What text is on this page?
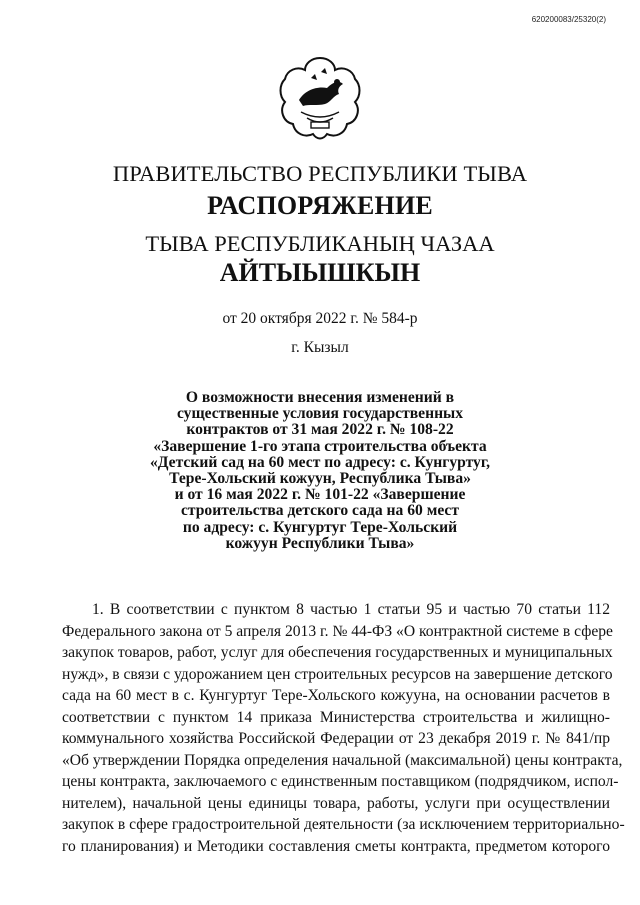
620200083/25320(2)
ПРАВИТЕЛЬСТВО РЕСПУБЛИКИ ТЫВА
РАСПОРЯЖЕНИЕ
ТЫВА РЕСПУБЛИКАНЫҢ ЧАЗАА
АЙТЫЫШКЫН
от 20 октября 2022 г. № 584-р
г. Кызыл
О возможности внесения изменений в
существенные условия государственных
контрактов от 31 мая 2022 г. № 108-22
«Завершение 1-го этапа строительства объекта
«Детский сад на 60 мест по адресу: с. Кунгуртуг,
Тере-Хольский кожуун, Республика Тыва»
и от 16 мая 2022 г. № 101-22 «Завершение
строительства детского сада на 60 мест
по адресу: с. Кунгуртуг Тере-Хольский
кожуун Республики Тыва»
1. В соответствии с пунктом 8 частью 1 статьи 95 и частью 70 статьи 112
Федерального закона от 5 апреля 2013 г. № 44-ФЗ «О контрактной системе в сфере
закупок товаров, работ, услуг для обеспечения государственных и муниципальных
нужд», в связи с удорожанием цен строительных ресурсов на завершение детского
сада на 60 мест в с. Кунгуртуг Тере-Хольского кожууна, на основании расчетов в
соответствии с пунктом 14 приказа Министерства строительства и жилищно-
коммунального хозяйства Российской Федерации от 23 декабря 2019 г. № 841/пр
«Об утверждении Порядка определения начальной (максимальной) цены контракта,
цены контракта, заключаемого с единственным поставщиком (подрядчиком, испол-
нителем), начальной цены единицы товара, работы, услуги при осуществлении
закупок в сфере градостроительной деятельности (за исключением территориально-
го планирования) и Методики составления сметы контракта, предметом которого
